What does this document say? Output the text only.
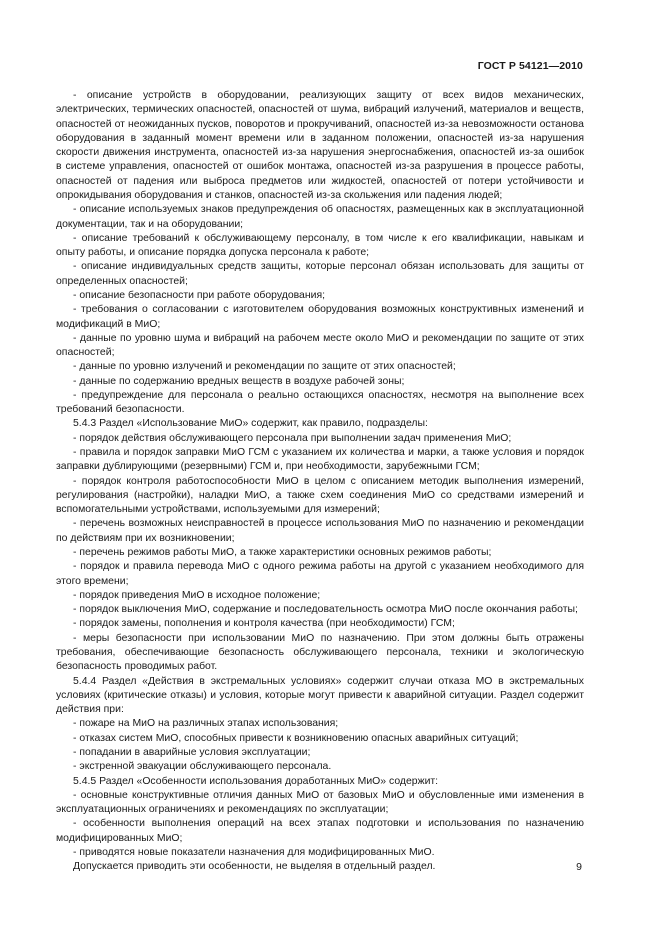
ГОСТ Р 54121—2010

- описание устройств в оборудовании, реализующих защиту от всех видов механических, электрических, термических опасностей, опасностей от шума, вибраций излучений, материалов и веществ, опасностей от неожиданных пусков, поворотов и прокручиваний, опасностей из-за невозможности остановa оборудования в заданный момент времени или в заданном положении, опасностей из-за нарушения скорости движения инструмента, опасностей из-за нарушения энергоснабжения, опасностей из-за ошибок в системе управления, опасностей от ошибок монтажа, опасностей из-за разрушения в процессе работы, опасностей от падения или выброса предметов или жидкостей, опасностей от потери устойчивости и опрокидывания оборудования и станков, опасностей из-за скольжения или падения людей;

- описание используемых знаков предупреждения об опасностях, размещенных как в эксплуатационной документации, так и на оборудовании;

- описание требований к обслуживающему персоналу, в том числе к его квалификации, навыкам и опыту работы, и описание порядка допуска персонала к работе;

- описание индивидуальных средств защиты, которые персонал обязан использовать для защиты от определенных опасностей;

- описание безопасности при работе оборудования;

- требования о согласовании с изготовителем оборудования возможных конструктивных изменений и модификаций в МиО;

- данные по уровню шума и вибраций на рабочем месте около МиО и рекомендации по защите от этих опасностей;

- данные по уровню излучений и рекомендации по защите от этих опасностей;

- данные по содержанию вредных веществ в воздухе рабочей зоны;

- предупреждение для персонала о реально остающихся опасностях, несмотря на выполнение всех требований безопасности.

5.4.3 Раздел «Использование МиО» содержит, как правило, подразделы:

- порядок действия обслуживающего персонала при выполнении задач применения МиО;

- правила и порядок заправки МиО ГСМ с указанием их количества и марки, а также условия и порядок заправки дублирующими (резервными) ГСМ и, при необходимости, зарубежными ГСМ;

- порядок контроля работоспособности МиО в целом с описанием методик выполнения измерений, регулирования (настройки), наладки МиО, а также схем соединения МиО со средствами измерений и вспомогательными устройствами, используемыми для измерений;

- перечень возможных неисправностей в процессе использования МиО по назначению и рекомендации по действиям при их возникновении;

- перечень режимов работы МиО, а также характеристики основных режимов работы;

- порядок и правила перевода МиО с одного режима работы на другой с указанием необходимого для этого времени;

- порядок приведения МиО в исходное положение;

- порядок выключения МиО, содержание и последовательность осмотра МиО после окончания работы;

- порядок замены, пополнения и контроля качества (при необходимости) ГСМ;

- меры безопасности при использовании МиО по назначению. При этом должны быть отражены требования, обеспечивающие безопасность обслуживающего персонала, техники и экологическую безопасность проводимых работ.

5.4.4 Раздел «Действия в экстремальных условиях» содержит случаи отказа МО в экстремальных условиях (критические отказы) и условия, которые могут привести к аварийной ситуации. Раздел содержит действия при:

- пожаре на МиО на различных этапах использования;

- отказах систем МиО, способных привести к возникновению опасных аварийных ситуаций;

- попадании в аварийные условия эксплуатации;

- экстренной эвакуации обслуживающего персонала.

5.4.5 Раздел «Особенности использования доработанных МиО» содержит:

- основные конструктивные отличия данных МиО от базовых МиО и обусловленные ими изменения в эксплуатационных ограничениях и рекомендациях по эксплуатации;

- особенности выполнения операций на всех этапах подготовки и использования по назначению модифицированных МиО;

- приводятся новые показатели назначения для модифицированных МиО.

Допускается приводить эти особенности, не выделяя в отдельный раздел.	9
